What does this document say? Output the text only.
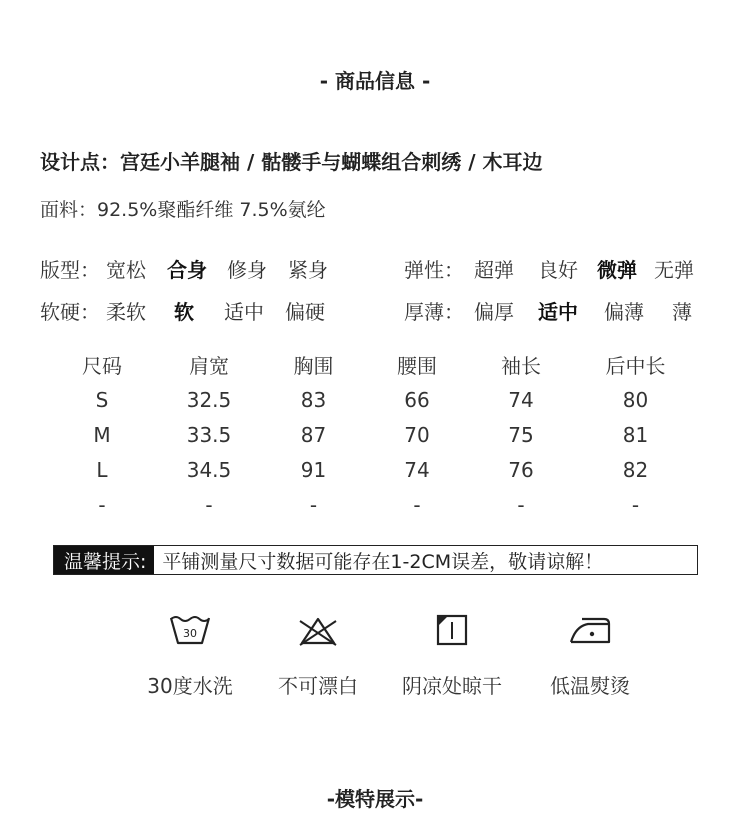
- 商品信息 -
设计点：宫廷小羊腿袖 / 骷髅手与蝴蝶组合刺绣 / 木耳边
面料：92.5%聚酯纤维 7.5%氨纶
版型： 宽松 合身 修身 紧身	弹性： 超弹 良好 微弹 无弹
软硬： 柔软 软 适中 偏硬	厚薄： 偏厚 适中 偏薄 薄
尺码	肩宽	胸围	腰围	袖长	后中长
S	32.5	83	66	74	80
M	33.5	87	70	75	81
L	34.5	91	74	76	82
-	-	-	-	-	-
温馨提示: 平铺测量尺寸数据可能存在1-2CM误差，敬请谅解！
30
30度水洗	不可漂白	阴凉处晾干	低温熨烫
-模特展示-
